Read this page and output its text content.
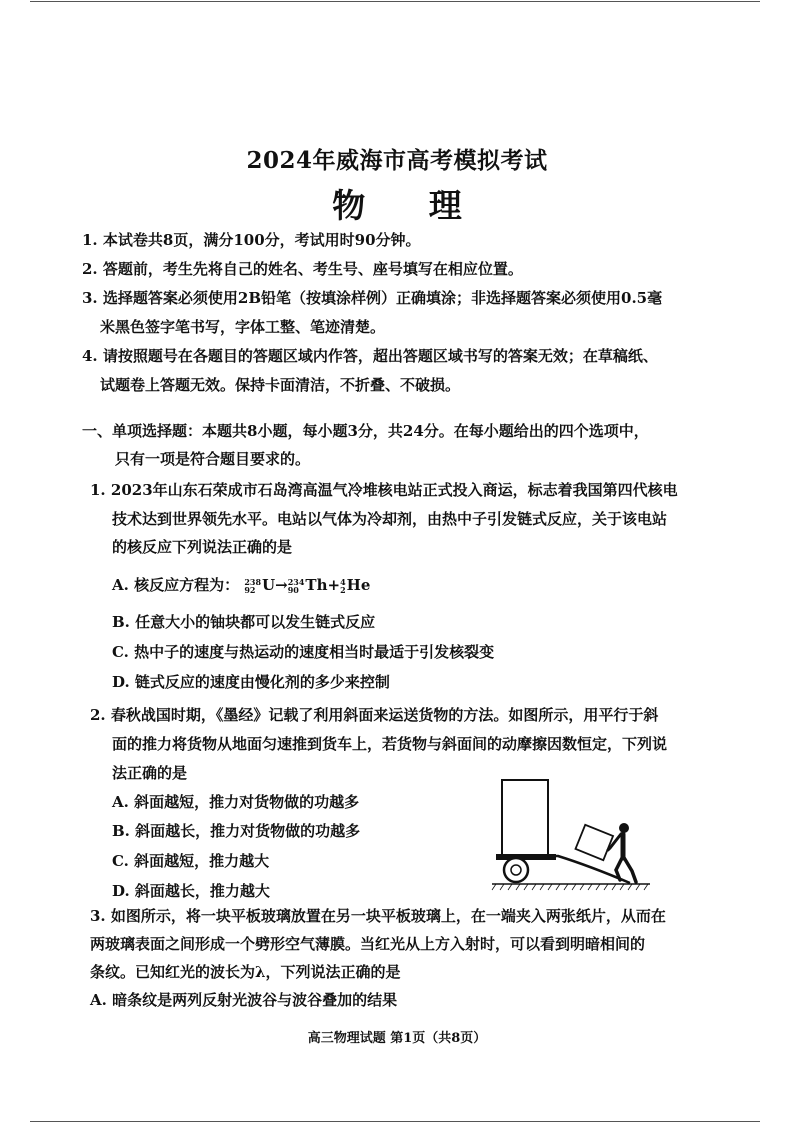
2024年威海市高考模拟考试
物 理
1. 本试卷共8页，满分100分，考试用时90分钟。
2. 答题前，考生先将自己的姓名、考生号、座号填写在相应位置。
3. 选择题答案必须使用2B铅笔（按填涂样例）正确填涂；非选择题答案必须使用0.5毫
米黑色签字笔书写，字体工整、笔迹清楚。
4. 请按照题号在各题目的答题区域内作答，超出答题区域书写的答案无效；在草稿纸、
试题卷上答题无效。保持卡面清洁，不折叠、不破损。
一、单项选择题：本题共8小题，每小题3分，共24分。在每小题给出的四个选项中，
只有一项是符合题目要求的。
1. 2023年山东石荣成市石岛湾高温气冷堆核电站正式投入商运，标志着我国第四代核电
技术达到世界领先水平。电站以气体为冷却剂，由热中子引发链式反应，关于该电站
的核反应下列说法正确的是
A. 核反应方程为： 238
92 U→ 234
90 Th+ 4
2 He
B. 任意大小的铀块都可以发生链式反应
C. 热中子的速度与热运动的速度相当时最适于引发核裂变
D. 链式反应的速度由慢化剂的多少来控制
2. 春秋战国时期，《墨经》记载了利用斜面来运送货物的方法。如图所示，用平行于斜
面的推力将货物从地面匀速推到货车上，若货物与斜面间的动摩擦因数恒定，下列说
法正确的是
A. 斜面越短，推力对货物做的功越多
B. 斜面越长，推力对货物做的功越多
C. 斜面越短，推力越大
D. 斜面越长，推力越大
3. 如图所示，将一块平板玻璃放置在另一块平板玻璃上，在一端夹入两张纸片，从而在
两玻璃表面之间形成一个劈形空气薄膜。当红光从上方入射时，可以看到明暗相间的
条纹。已知红光的波长为λ，下列说法正确的是
A. 暗条纹是两列反射光波谷与波谷叠加的结果
高三物理试题 第1页（共8页）
